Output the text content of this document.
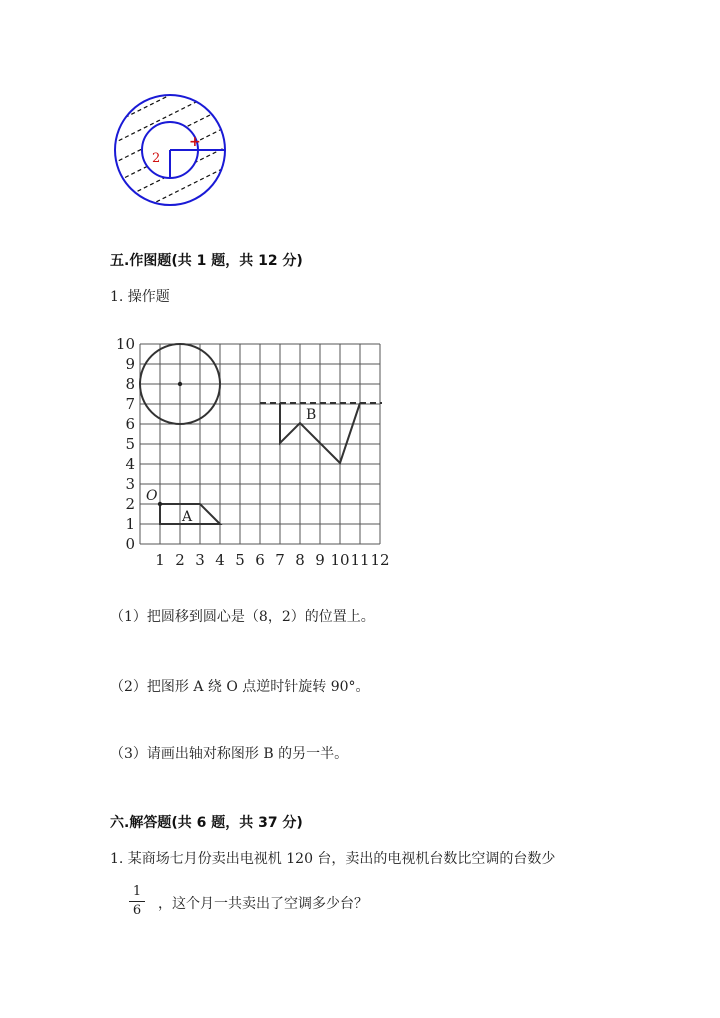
2
+
五.作图题(共 1 题，共 12 分)
1. 操作题
10
9
8
7
6
5
4
3
2
1
0
1 2 3 4 5 6 7 8 9 10 11 12
B
O
A
（1）把圆移到圆心是（8，2）的位置上。
（2）把图形 A 绕 O 点逆时针旋转 90°。
（3）请画出轴对称图形 B 的另一半。
六.解答题(共 6 题，共 37 分)
1. 某商场七月份卖出电视机 120 台，卖出的电视机台数比空调的台数少
1
6	，这个月一共卖出了空调多少台？
